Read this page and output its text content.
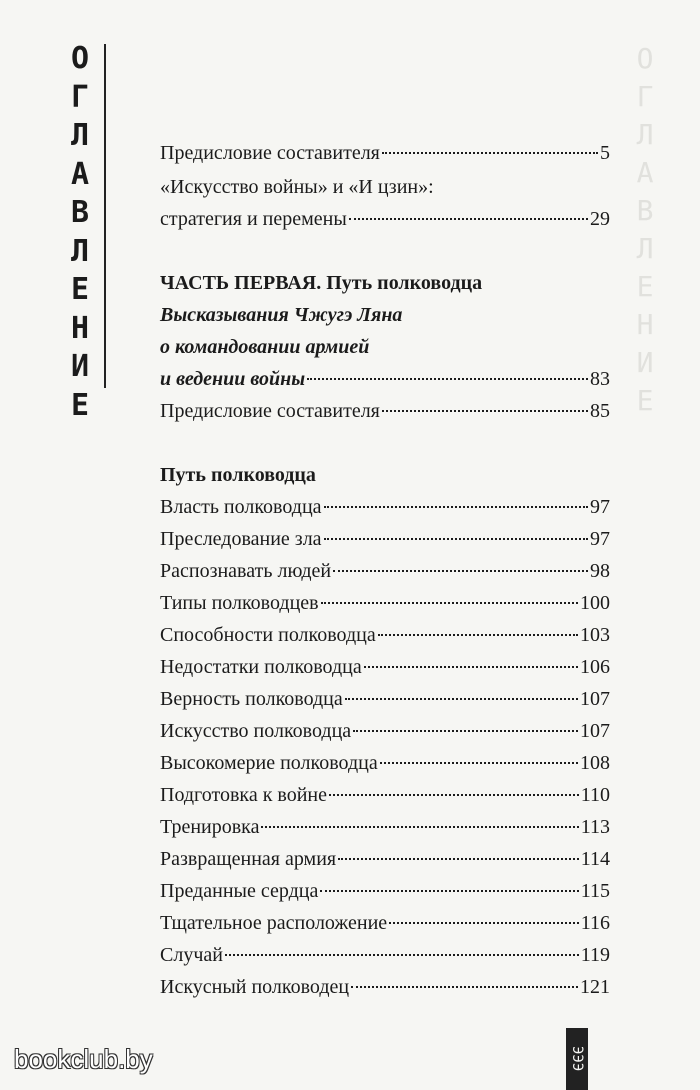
О
Г
Л
А
В
Л
Е
Н
И
Е
О
Г
Л
А
В
Л
Е
Н
И
Е
Предисловие составителя	5
«Искусство войны» и «И цзин»:
стратегия и перемены	29
ЧАСТЬ ПЕРВАЯ. Путь полководца
Высказывания Чжугэ Ляна
о командовании армией
и ведении войны	83
Предисловие составителя	85
Путь полководца
Власть полководца	97
Преследование зла	97
Распознавать людей	98
Типы полководцев	100
Способности полководца	103
Недостатки полководца	106
Верность полководца	107
Искусство полководца	107
Высокомерие полководца	108
Подготовка к войне	110
Тренировка	113
Развращенная армия	114
Преданные сердца	115
Тщательное расположение	116
Случай	119
Искусный полководец	121
ЭЭЭ
bookclub.by
